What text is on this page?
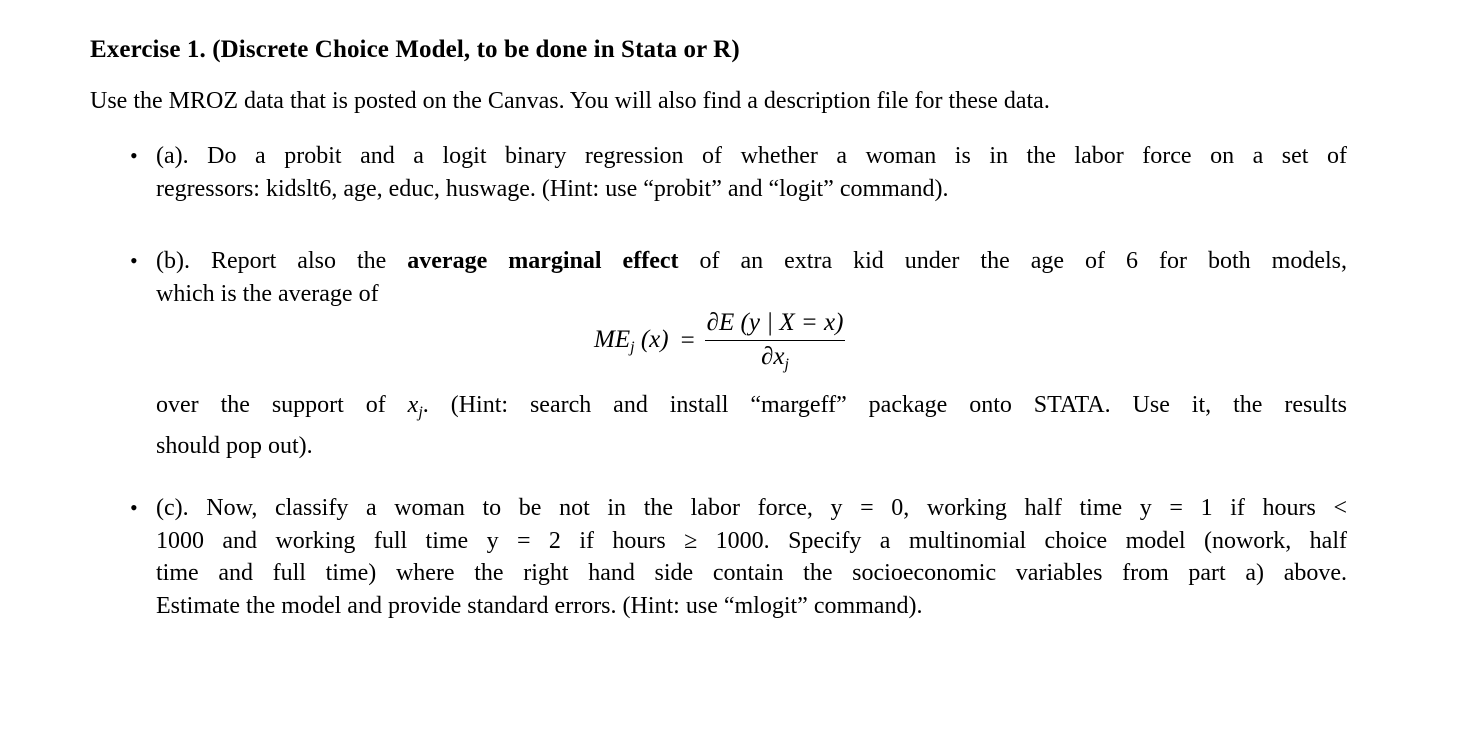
Exercise 1. (Discrete Choice Model, to be done in Stata or R)
Use the MROZ data that is posted on the Canvas. You will also find a description file for these data.
• (a). Do a probit and a logit binary regression of whether a woman is in the labor force on a set of
regressors: kidslt6, age, educ, huswage. (Hint: use “probit” and “logit” command).
• (b). Report also the average marginal effect of an extra kid under the age of 6 for both models,
which is the average of
$ME_j$ $(x) = \frac{\partial E (y | X = x)}{\partial x_j}$
over the support of $x_j$. (Hint: search and install “margeff” package onto STATA. Use it, the results
should pop out).
• (c). Now, classify a woman to be not in the labor force, y = 0, working half time y = 1 if hours <
1000 and working full time y = 2 if hours ≥ 1000. Specify a multinomial choice model (nowork, half
time and full time) where the right hand side contain the socioeconomic variables from part a) above.
Estimate the model and provide standard errors. (Hint: use “mlogit” command).
